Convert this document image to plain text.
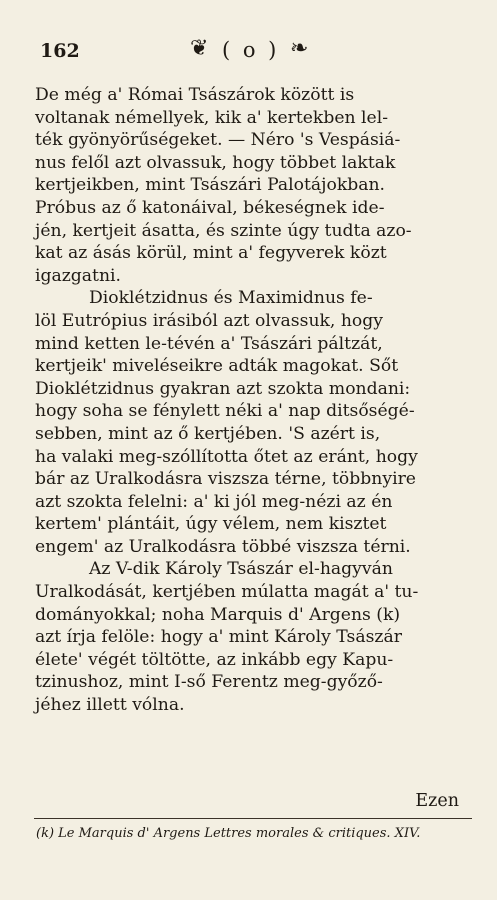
162	❦ ( o ) ❧
De még a' Római Tsászárok között is
voltanak némellyek, kik a' kertekben lel-
ték gyönyörűségeket. — Néro 's Vespásiá-
nus felől azt olvassuk, hogy többet laktak
kertjeikben, mint Tsászári Palotájokban.
Próbus az ő katonáival, békeségnek ide-
jén, kertjeit ásatta, és szinte úgy tudta azo-
kat az ásás körül, mint a' fegyverek közt
igazgatni.
Dioklétzidnus és Maximidnus fe-
löl Eutrópius irásiból azt olvassuk, hogy
mind ketten le-tévén a' Tsászári páltzát,
kertjeik' miveléseikre adták magokat. Sőt
Dioklétzidnus gyakran azt szokta mondani:
hogy soha se fénylett néki a' nap ditsőségé-
sebben, mint az ő kertjében. 'S azért is,
ha valaki meg-szóllította őtet az eránt, hogy
bár az Uralkodásra viszsza térne, többnyire
azt szokta felelni: a' ki jól meg-nézi az én
kertem' plántáit, úgy vélem, nem kisztet
engem' az Uralkodásra többé viszsza térni.
Az V-dik Károly Tsászár el-hagyván
Uralkodását, kertjében múlatta magát a' tu-
dományokkal; noha Marquis d' Argens (k)
azt írja felöle: hogy a' mint Károly Tsászár
élete' végét töltötte, az inkább egy Kapu-
tzinushoz, mint I-ső Ferentz meg-győző-
jéhez illett vólna.
Ezen
(k) Le Marquis d' Argens Lettres morales & critiques. XIV.
